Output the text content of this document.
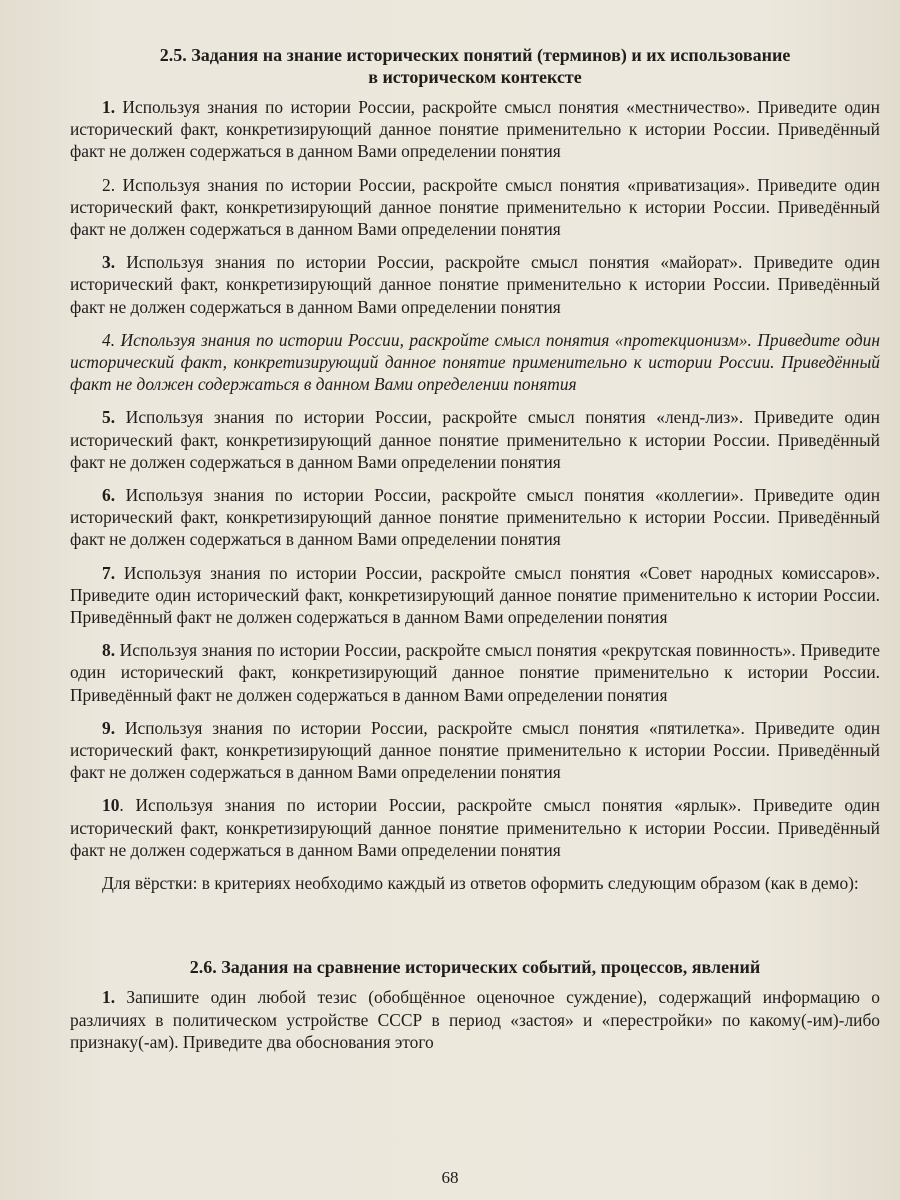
2.5. Задания на знание исторических понятий (терминов) и их использование
в историческом контексте

1. Используя знания по истории России, раскройте смысл понятия «местничество». Приведите один исторический факт, конкретизирующий данное понятие применительно к истории России. Приведённый факт не должен содержаться в данном Вами определении понятия

2. Используя знания по истории России, раскройте смысл понятия «приватизация». Приведите один исторический факт, конкретизирующий данное понятие применительно к истории России. Приведённый факт не должен содержаться в данном Вами определении понятия

3. Используя знания по истории России, раскройте смысл понятия «майорат». Приведите один исторический факт, конкретизирующий данное понятие применительно к истории России. Приведённый факт не должен содержаться в данном Вами определении понятия

4. Используя знания по истории России, раскройте смысл понятия «протекционизм». Приведите один исторический факт, конкретизирующий данное понятие применительно к истории России. Приведённый факт не должен содержаться в данном Вами определении понятия

5. Используя знания по истории России, раскройте смысл понятия «ленд-лиз». Приведите один исторический факт, конкретизирующий данное понятие применительно к истории России. Приведённый факт не должен содержаться в данном Вами определении понятия

6. Используя знания по истории России, раскройте смысл понятия «коллегии». Приведите один исторический факт, конкретизирующий данное понятие применительно к истории России. Приведённый факт не должен содержаться в данном Вами определении понятия

7. Используя знания по истории России, раскройте смысл понятия «Совет народных комиссаров». Приведите один исторический факт, конкретизирующий данное понятие применительно к истории России. Приведённый факт не должен содержаться в данном Вами определении понятия

8. Используя знания по истории России, раскройте смысл понятия «рекрутская повинность». Приведите один исторический факт, конкретизирующий данное понятие применительно к истории России. Приведённый факт не должен содержаться в данном Вами определении понятия

9. Используя знания по истории России, раскройте смысл понятия «пятилетка». Приведите один исторический факт, конкретизирующий данное понятие применительно к истории России. Приведённый факт не должен содержаться в данном Вами определении понятия

10. Используя знания по истории России, раскройте смысл понятия «ярлык». Приведите один исторический факт, конкретизирующий данное понятие применительно к истории России. Приведённый факт не должен содержаться в данном Вами определении понятия

Для вёрстки: в критериях необходимо каждый из ответов оформить следующим образом (как в демо):

2.6. Задания на сравнение исторических событий, процессов, явлений

1. Запишите один любой тезис (обобщённое оценочное суждение), содержащий информацию о различиях в политическом устройстве СССР в период «застоя» и «перестройки» по какому(-им)-либо признаку(-ам). Приведите два обоснования этого

68
